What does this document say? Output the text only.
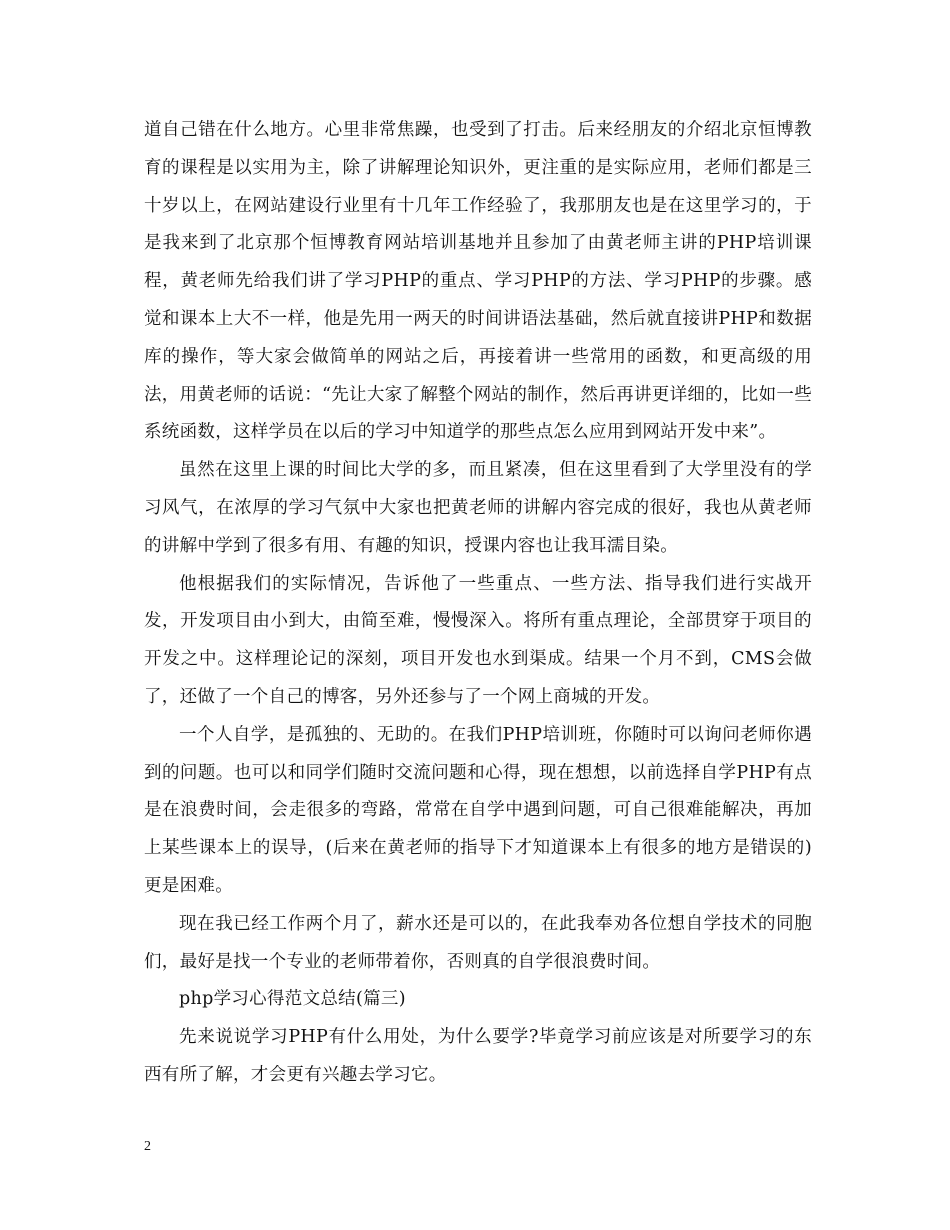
道自己错在什么地方。心里非常焦躁，也受到了打击。后来经朋友的介绍北京恒博教育的课程是以实用为主，除了讲解理论知识外，更注重的是实际应用，老师们都是三十岁以上，在网站建设行业里有十几年工作经验了，我那朋友也是在这里学习的，于是我来到了北京那个恒博教育网站培训基地并且参加了由黄老师主讲的PHP培训课程，黄老师先给我们讲了学习PHP的重点、学习PHP的方法、学习PHP的步骤。感觉和课本上大不一样，他是先用一两天的时间讲语法基础，然后就直接讲PHP和数据库的操作，等大家会做简单的网站之后，再接着讲一些常用的函数，和更高级的用法，用黄老师的话说：“先让大家了解整个网站的制作，然后再讲更详细的，比如一些系统函数，这样学员在以后的学习中知道学的那些点怎么应用到网站开发中来”。

虽然在这里上课的时间比大学的多，而且紧凑，但在这里看到了大学里没有的学习风气，在浓厚的学习气氛中大家也把黄老师的讲解内容完成的很好，我也从黄老师的讲解中学到了很多有用、有趣的知识，授课内容也让我耳濡目染。

他根据我们的实际情况，告诉他了一些重点、一些方法、指导我们进行实战开发，开发项目由小到大，由简至难，慢慢深入。将所有重点理论，全部贯穿于项目的开发之中。这样理论记的深刻，项目开发也水到渠成。结果一个月不到，CMS会做了，还做了一个自己的博客，另外还参与了一个网上商城的开发。

一个人自学，是孤独的、无助的。在我们PHP培训班，你随时可以询问老师你遇到的问题。也可以和同学们随时交流问题和心得，现在想想，以前选择自学PHP有点是在浪费时间，会走很多的弯路，常常在自学中遇到问题，可自己很难能解决，再加上某些课本上的误导，(后来在黄老师的指导下才知道课本上有很多的地方是错误的)更是困难。

现在我已经工作两个月了，薪水还是可以的，在此我奉劝各位想自学技术的同胞们，最好是找一个专业的老师带着你，否则真的自学很浪费时间。

php学习心得范文总结(篇三)

先来说说学习PHP有什么用处，为什么要学?毕竟学习前应该是对所要学习的东西有所了解，才会更有兴趣去学习它。

2
